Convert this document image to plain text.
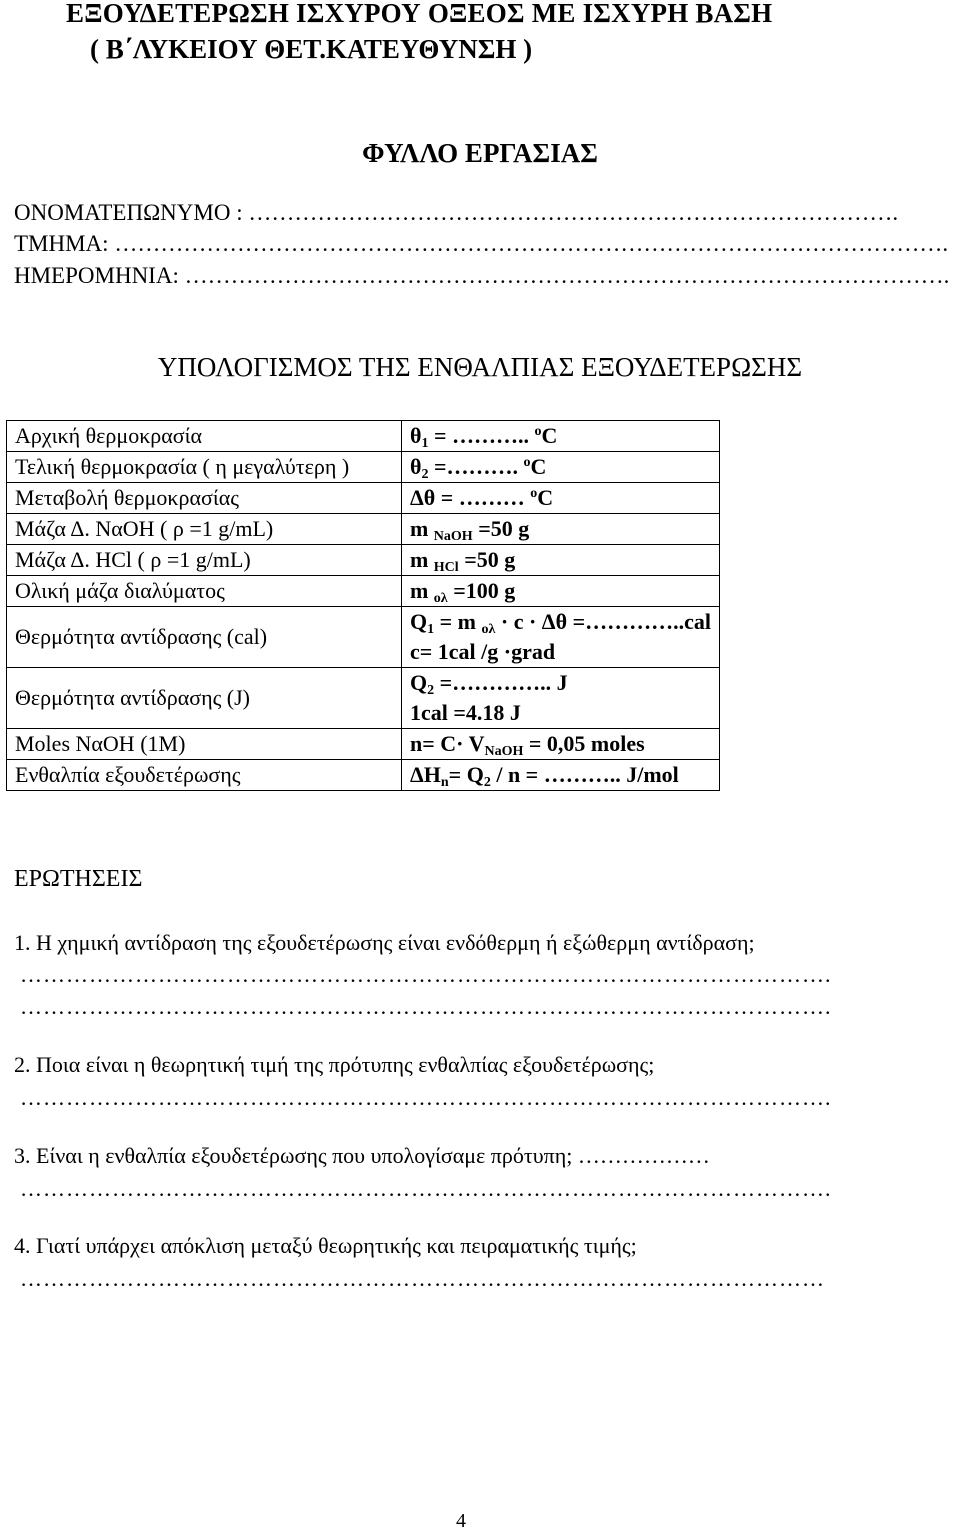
ΕΞΟΥΔΕΤΕΡΩΣΗ ΙΣΧΥΡΟΥ ΟΞΕΟΣ ΜΕ ΙΣΧΥΡΗ ΒΑΣΗ
( Β΄ΛΥΚΕΙΟΥ ΘΕΤ.ΚΑΤΕΥΘΥΝΣΗ )
ΦΥΛΛΟ ΕΡΓΑΣΙΑΣ
ΟΝΟΜΑΤΕΠΩΝΥΜΟ : ………………………………………………………………………….
ΤΜΗΜΑ: ……………………………………………………………………………………………….
ΗΜΕΡΟΜΗΝΙΑ: ……………………………………………………………………………………….
ΥΠΟΛΟΓΙΣΜΟΣ ΤΗΣ ΕΝΘΑΛΠΙΑΣ ΕΞΟΥΔΕΤΕΡΩΣΗΣ
Αρχική θερμοκρασία	$\theta_1$ = ……….. $^o$C
Τελική θερμοκρασία ( η μεγαλύτερη )	$\theta_2$ =………. $^o$C
Μεταβολή θερμοκρασίας	Δθ = ……… $^o$C
Μάζα Δ. ΝαΟΗ ( ρ =1 g/mL)	m $_{NaOH}$ =50 g
Μάζα Δ. HCl ( ρ =1 g/mL)	m $_{HCl}$ =50 g
Ολική μάζα διαλύματος	m $_{o\lambda}$ =100 g
Θερμότητα αντίδρασης (cal)	$Q_1 = m$ $_{o\lambda}$ · c · Δθ =…………..cal
c= 1cal /g ·grad

Θερμότητα αντίδρασης (J)	$Q_2$ =………….. J
1cal =4.18 J

Moles ΝαΟΗ (1M)	$n= C\cdot V_{NaOH} = 0,05$ moles
Ενθαλπία εξουδετέρωσης	$\Delta H_n= Q_2 / n$ = ……….. J/mol
ΕΡΩΤΗΣΕΙΣ
1. Η χημική αντίδραση της εξουδετέρωσης είναι ενδόθερμη ή εξώθερμη αντίδραση;
…………………………………………………………………………………………….
…………………………………………………………………………………………….
2. Ποια είναι η θεωρητική τιμή της πρότυπης ενθαλπίας εξουδετέρωσης;
…………………………………………………………………………………………….
3. Είναι η ενθαλπία εξουδετέρωσης που υπολογίσαμε πρότυπη; ………………
…………………………………………………………………………………………….
4. Γιατί υπάρχει απόκλιση μεταξύ θεωρητικής και πειραματικής τιμής;
……………………………………………………………………………………………
4
